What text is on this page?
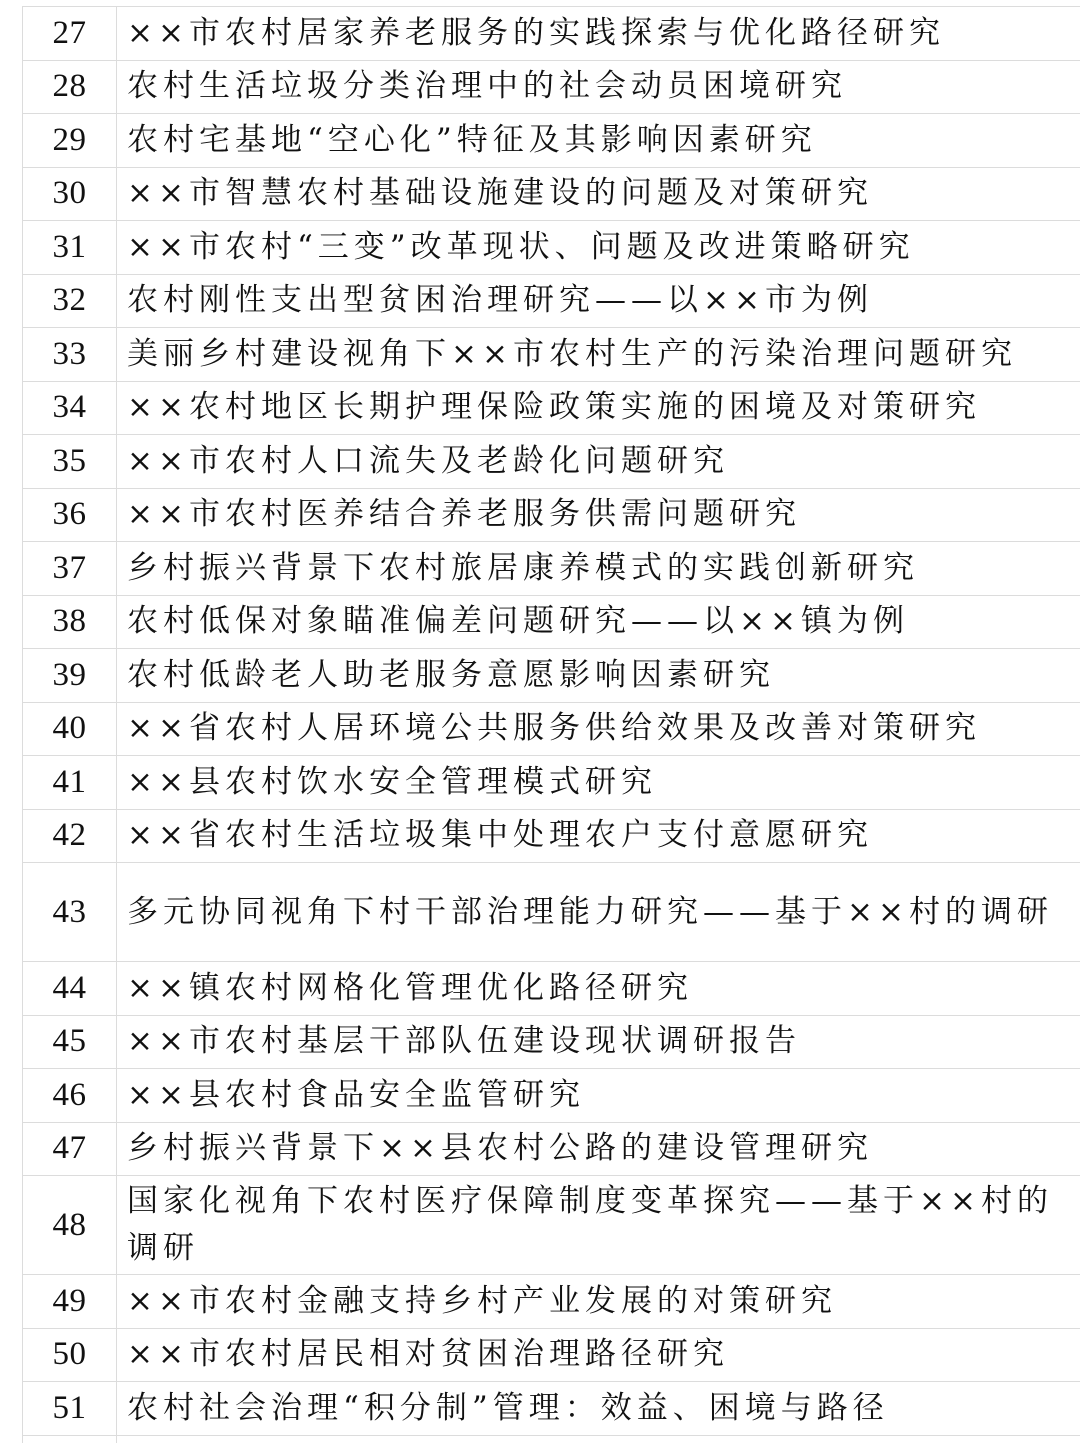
27	××市农村居家养老服务的实践探索与优化路径研究
28	农村生活垃圾分类治理中的社会动员困境研究
29	农村宅基地“空心化”特征及其影响因素研究
30	××市智慧农村基础设施建设的问题及对策研究
31	××市农村“三变”改革现状、问题及改进策略研究
32	农村刚性支出型贫困治理研究——以××市为例
33	美丽乡村建设视角下××市农村生产的污染治理问题研究
34	××农村地区长期护理保险政策实施的困境及对策研究
35	××市农村人口流失及老龄化问题研究
36	××市农村医养结合养老服务供需问题研究
37	乡村振兴背景下农村旅居康养模式的实践创新研究
38	农村低保对象瞄准偏差问题研究——以××镇为例
39	农村低龄老人助老服务意愿影响因素研究
40	××省农村人居环境公共服务供给效果及改善对策研究
41	××县农村饮水安全管理模式研究
42	××省农村生活垃圾集中处理农户支付意愿研究
43	多元协同视角下村干部治理能力研究——基于××村的调研
44	××镇农村网格化管理优化路径研究
45	××市农村基层干部队伍建设现状调研报告
46	××县农村食品安全监管研究
47	乡村振兴背景下××县农村公路的建设管理研究
48	国家化视角下农村医疗保障制度变革探究——基于××村的调研
49	××市农村金融支持乡村产业发展的对策研究
50	××市农村居民相对贫困治理路径研究
51	农村社会治理“积分制”管理：效益、困境与路径
